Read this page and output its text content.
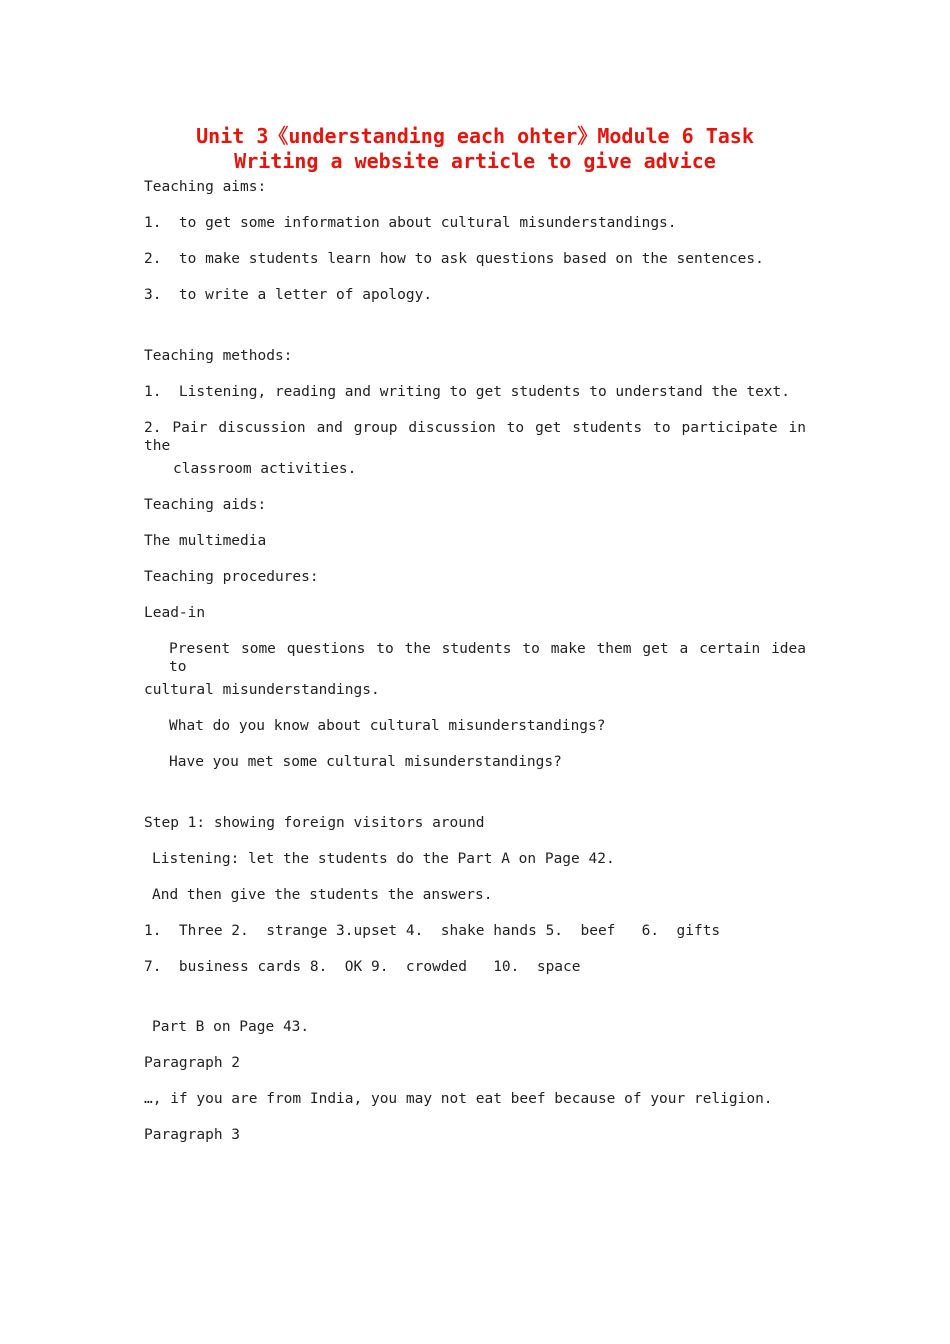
Unit 3《understanding each ohter》Module 6 Task   Writing a website article to give advice

Teaching aims:

1.  to get some information about cultural misunderstandings.

2.  to make students learn how to ask questions based on the sentences.

3.  to write a letter of apology.

Teaching methods:

1.  Listening, reading and writing to get students to understand the text.

2. Pair discussion and group discussion to get students to participate in the

classroom activities.

Teaching aids:

The multimedia

Teaching procedures:

Lead-in

Present some questions to the students to make them get a certain idea to

cultural misunderstandings.

What do you know about cultural misunderstandings?

Have you met some cultural misunderstandings?

Step 1: showing foreign visitors around

Listening: let the students do the Part A on Page 42.

And then give the students the answers.

1.  Three 2.  strange 3.upset 4.  shake hands 5.  beef   6.  gifts

7.  business cards 8.  OK 9.  crowded   10.  space

Part B on Page 43.

Paragraph 2

…, if you are from India, you may not eat beef because of your religion.

Paragraph 3
